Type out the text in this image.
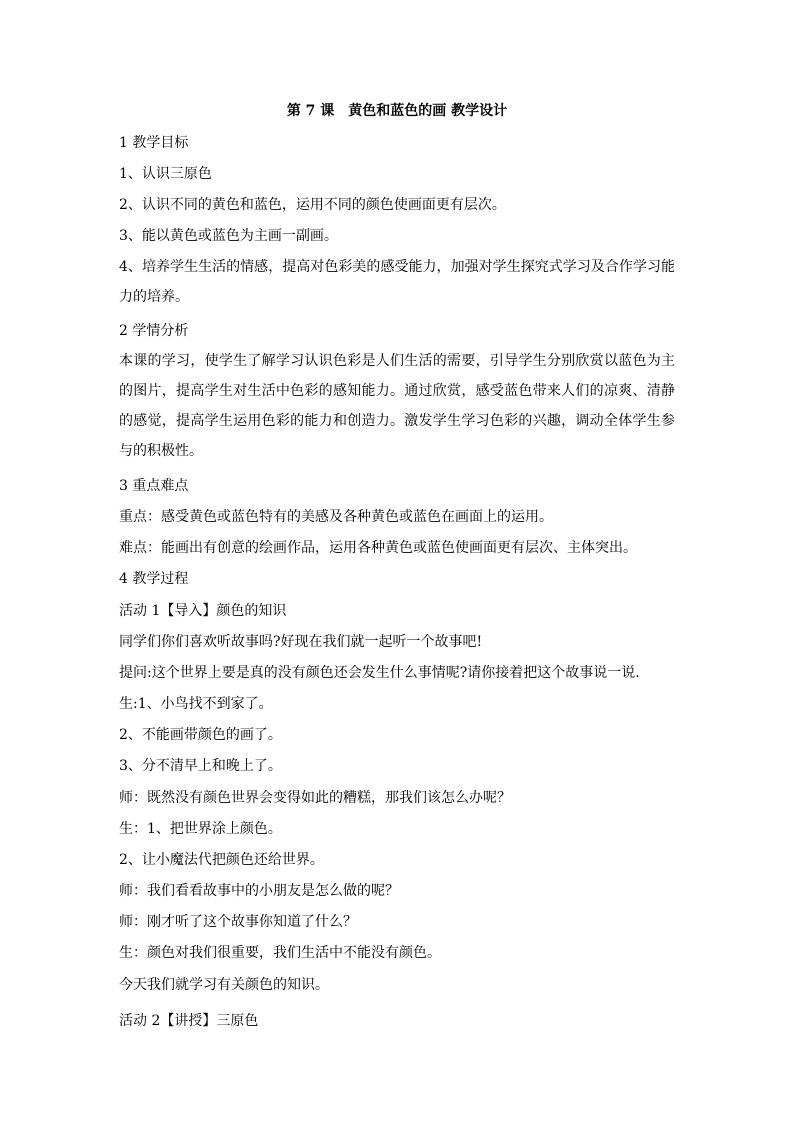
第 7 课　黄色和蓝色的画 教学设计
1 教学目标
1、认识三原色
2、认识不同的黄色和蓝色，运用不同的颜色使画面更有层次。
3、能以黄色或蓝色为主画一副画。
4、培养学生生活的情感，提高对色彩美的感受能力，加强对学生探究式学习及合作学习能力的培养。
2 学情分析
本课的学习，使学生了解学习认识色彩是人们生活的需要，引导学生分别欣赏以蓝色为主的图片，提高学生对生活中色彩的感知能力。通过欣赏，感受蓝色带来人们的凉爽、清静的感觉，提高学生运用色彩的能力和创造力。激发学生学习色彩的兴趣，调动全体学生参与的积极性。
3 重点难点
重点：感受黄色或蓝色特有的美感及各种黄色或蓝色在画面上的运用。
难点：能画出有创意的绘画作品，运用各种黄色或蓝色使画面更有层次、主体突出。
4 教学过程
活动 1【导入】颜色的知识
同学们你们喜欢听故事吗?好现在我们就一起听一个故事吧!
提问:这个世界上要是真的没有颜色还会发生什么事情呢?请你接着把这个故事说一说.
生:1、小鸟找不到家了。
2、不能画带颜色的画了。
3、分不清早上和晚上了。
师：既然没有颜色世界会变得如此的糟糕，那我们该怎么办呢？
生：1、把世界涂上颜色。
2、让小魔法代把颜色还给世界。
师：我们看看故事中的小朋友是怎么做的呢？
师：刚才听了这个故事你知道了什么？
生：颜色对我们很重要，我们生活中不能没有颜色。
今天我们就学习有关颜色的知识。
活动 2【讲授】三原色
